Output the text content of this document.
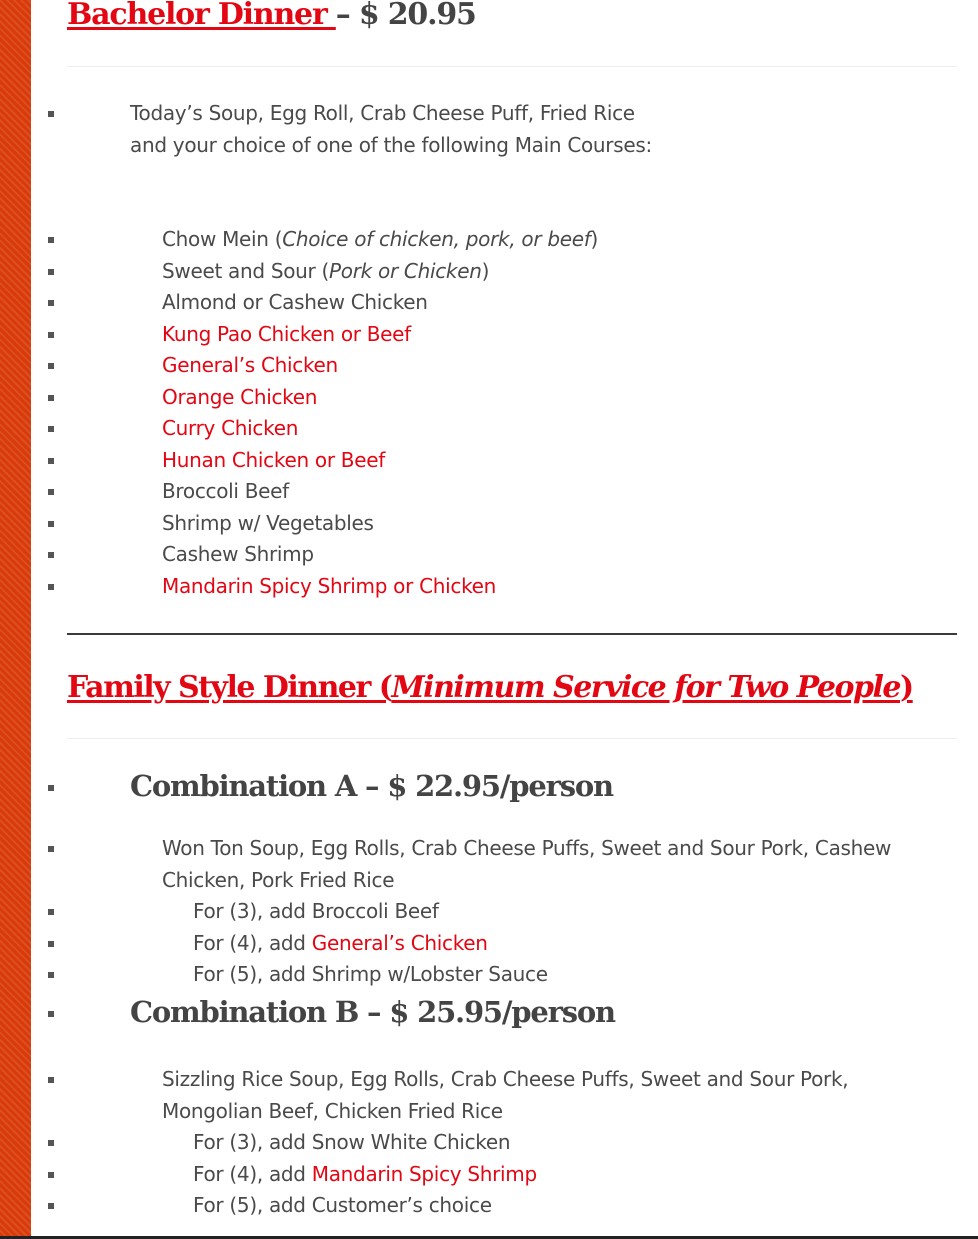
Bachelor Dinner – $ 20.95
Today’s Soup, Egg Roll, Crab Cheese Puff, Fried Rice
and your choice of one of the following Main Courses:
Chow Mein (Choice of chicken, pork, or beef)
Sweet and Sour (Pork or Chicken)
Almond or Cashew Chicken
Kung Pao Chicken or Beef
General’s Chicken
Orange Chicken
Curry Chicken
Hunan Chicken or Beef
Broccoli Beef
Shrimp w/ Vegetables
Cashew Shrimp
Mandarin Spicy Shrimp or Chicken
Family Style Dinner (Minimum Service for Two People)
Combination A – $ 22.95/person
Won Ton Soup, Egg Rolls, Crab Cheese Puffs, Sweet and Sour Pork, Cashew Chicken, Pork Fried Rice
For (3), add Broccoli Beef
For (4), add General’s Chicken
For (5), add Shrimp w/Lobster Sauce
Combination B – $ 25.95/person
Sizzling Rice Soup, Egg Rolls, Crab Cheese Puffs, Sweet and Sour Pork, Mongolian Beef, Chicken Fried Rice
For (3), add Snow White Chicken
For (4), add Mandarin Spicy Shrimp
For (5), add Customer’s choice
